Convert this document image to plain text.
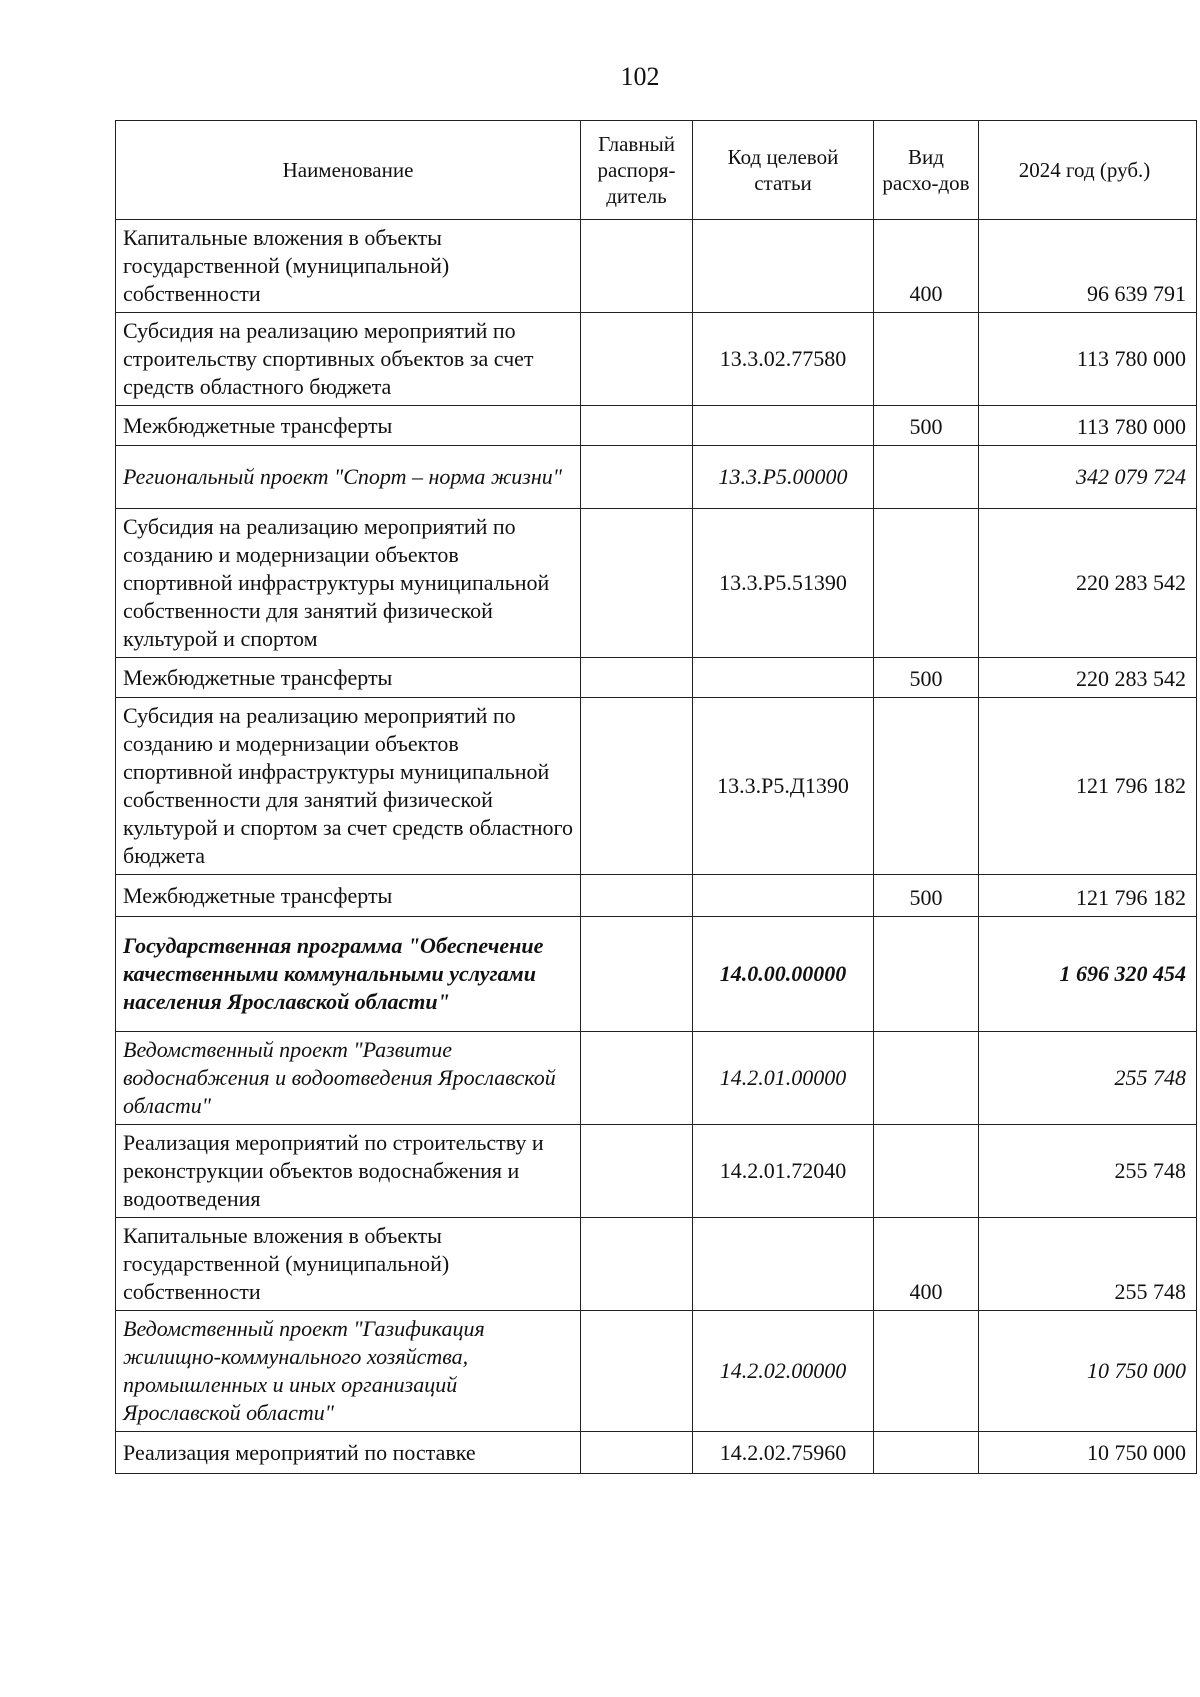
102
Наименование	Главный распоря-дитель	Код целевой статьи	Вид расхо-дов	2024 год (руб.)
Капитальные вложения в объекты государственной (муниципальной) собственности			400	96 639 791
Субсидия на реализацию мероприятий по строительству спортивных объектов за счет средств областного бюджета		13.3.02.77580		113 780 000
Межбюджетные трансферты			500	113 780 000
Региональный проект "Спорт – норма жизни"		13.3.P5.00000		342 079 724
Субсидия на реализацию мероприятий по созданию и модернизации объектов спортивной инфраструктуры муниципальной собственности для занятий физической культурой и спортом		13.3.P5.51390		220 283 542
Межбюджетные трансферты			500	220 283 542
Субсидия на реализацию мероприятий по созданию и модернизации объектов спортивной инфраструктуры муниципальной собственности для занятий физической культурой и спортом за счет средств областного бюджета		13.3.P5.Д1390		121 796 182
Межбюджетные трансферты			500	121 796 182
Государственная программа "Обеспечение качественными коммунальными услугами населения Ярославской области"		14.0.00.00000		1 696 320 454
Ведомственный проект "Развитие водоснабжения и водоотведения Ярославской области"		14.2.01.00000		255 748
Реализация мероприятий по строительству и реконструкции объектов водоснабжения и водоотведения		14.2.01.72040		255 748
Капитальные вложения в объекты государственной (муниципальной) собственности			400	255 748
Ведомственный проект "Газификация жилищно-коммунального хозяйства, промышленных и иных организаций Ярославской области"		14.2.02.00000		10 750 000
Реализация мероприятий по поставке		14.2.02.75960		10 750 000
